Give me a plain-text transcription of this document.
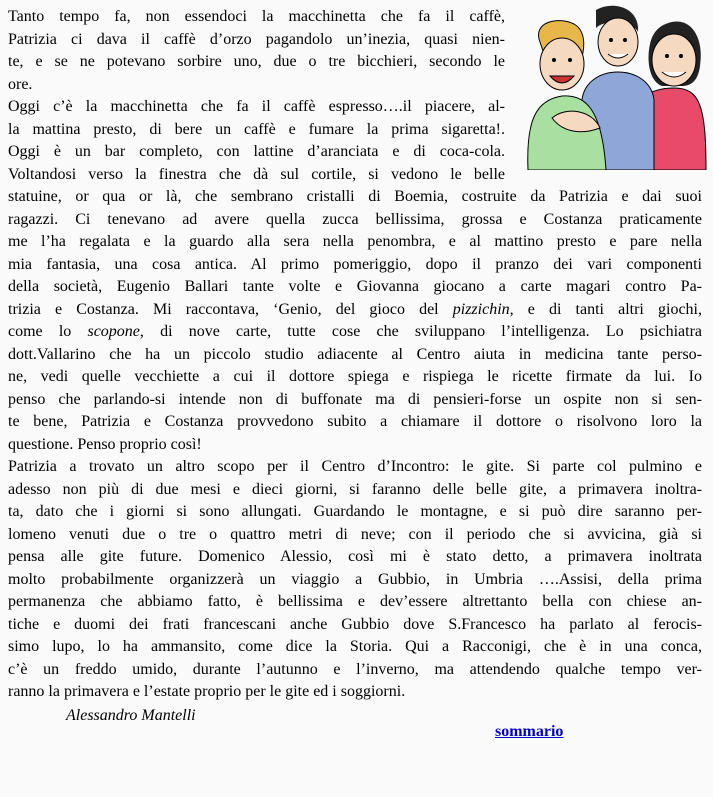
Tanto tempo fa, non essendoci la macchinetta che fa il caffè,
Patrizia ci dava il caffè d’orzo pagandolo un’inezia, quasi nien-
te, e se ne potevano sorbire uno, due o tre bicchieri, secondo le
ore.
Oggi c’è la macchinetta che fa il caffè espresso….il piacere, al-
la mattina presto, di bere un caffè e fumare la prima sigaretta!.
Oggi è un bar completo, con lattine d’aranciata e di coca-cola.
Voltandosi verso la finestra che dà sul cortile, si vedono le belle
statuine, or qua or là, che sembrano cristalli di Boemia, costruite da Patrizia e dai suoi
ragazzi. Ci tenevano ad avere quella zucca bellissima, grossa e Costanza praticamente
me l’ha regalata e la guardo alla sera nella penombra, e al mattino presto e pare nella
mia fantasia, una cosa antica. Al primo pomeriggio, dopo il pranzo dei vari componenti
della società, Eugenio Ballari tante volte e Giovanna giocano a carte magari contro Pa-
trizia e Costanza. Mi raccontava, ‘Genio, del gioco del pizzichin, e di tanti altri giochi,
come lo scopone, di nove carte, tutte cose che sviluppano l’intelligenza. Lo psichiatra
dott.Vallarino che ha un piccolo studio adiacente al Centro aiuta in medicina tante perso-
ne, vedi quelle vecchiette a cui il dottore spiega e rispiega le ricette firmate da lui. Io
penso che parlando-si intende non di buffonate ma di pensieri-forse un ospite non si sen-
te bene, Patrizia e Costanza provvedono subito a chiamare il dottore o risolvono loro la
questione. Penso proprio così!
Patrizia a trovato un altro scopo per il Centro d’Incontro: le gite. Si parte col pulmino e
adesso non più di due mesi e dieci giorni, si faranno delle belle gite, a primavera inoltra-
ta, dato che i giorni si sono allungati. Guardando le montagne, e si può dire saranno per-
lomeno venuti due o tre o quattro metri di neve; con il periodo che si avvicina, già si
pensa alle gite future. Domenico Alessio, così mi è stato detto, a primavera inoltrata
molto probabilmente organizzerà un viaggio a Gubbio, in Umbria ….Assisi, della prima
permanenza che abbiamo fatto, è bellissima e dev’essere altrettanto bella con chiese an-
tiche e duomi dei frati francescani anche Gubbio dove S.Francesco ha parlato al ferocis-
simo lupo, lo ha ammansito, come dice la Storia. Qui a Racconigi, che è in una conca,
c’è un freddo umido, durante l’autunno e l’inverno, ma attendendo qualche tempo ver-
ranno la primavera e l’estate proprio per le gite ed i soggiorni.
Alessandro Mantelli
sommario
